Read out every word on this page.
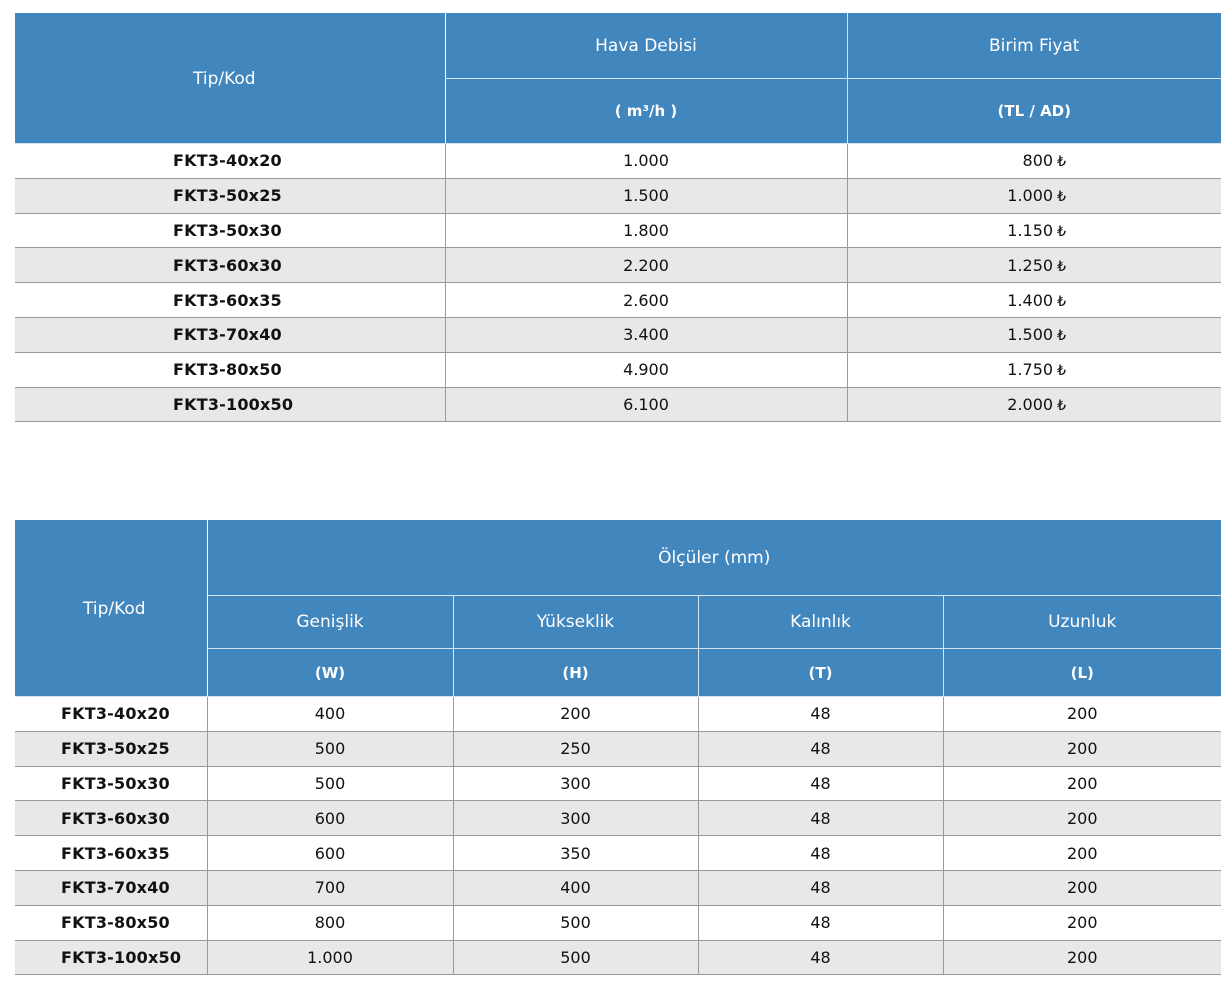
Tip/Kod	Hava Debisi	Birim Fiyat
	( m³/h )	(TL / AD)
FKT3-40x20	1.000	800 ₺
FKT3-50x25	1.500	1.000 ₺
FKT3-50x30	1.800	1.150 ₺
FKT3-60x30	2.200	1.250 ₺
FKT3-60x35	2.600	1.400 ₺
FKT3-70x40	3.400	1.500 ₺
FKT3-80x50	4.900	1.750 ₺
FKT3-100x50	6.100	2.000 ₺
Tip/Kod	Ölçüler (mm)			
	Genişlik	Yükseklik	Kalınlık	Uzunluk
	(W)	(H)	(T)	(L)
FKT3-40x20	400	200	48	200
FKT3-50x25	500	250	48	200
FKT3-50x30	500	300	48	200
FKT3-60x30	600	300	48	200
FKT3-60x35	600	350	48	200
FKT3-70x40	700	400	48	200
FKT3-80x50	800	500	48	200
FKT3-100x50	1.000	500	48	200
